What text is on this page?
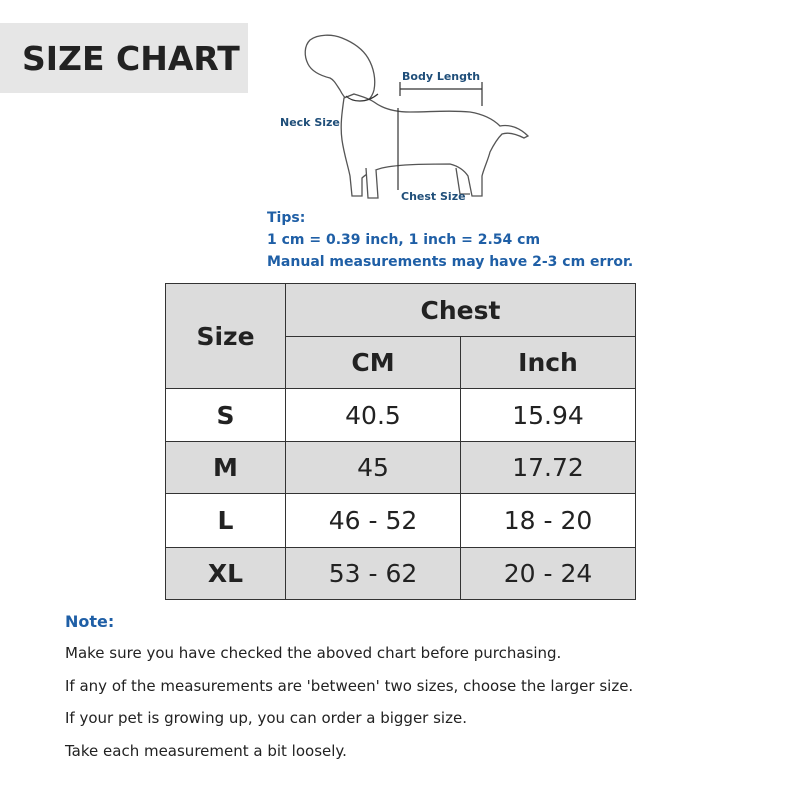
SIZE CHART	Body Length
Neck Size
Chest Size
Tips:
1 cm = 0.39 inch, 1 inch = 2.54 cm
Manual measurements may have 2-3 cm error.
Size	Chest	
	CM	Inch
S	40.5	15.94
M	45	17.72
L	46 - 52	18 - 20
XL	53 - 62	20 - 24
Note:
Make sure you have checked the aboved chart before purchasing.
If any of the measurements are 'between' two sizes, choose the larger size.
If your pet is growing up, you can order a bigger size.
Take each measurement a bit loosely.
